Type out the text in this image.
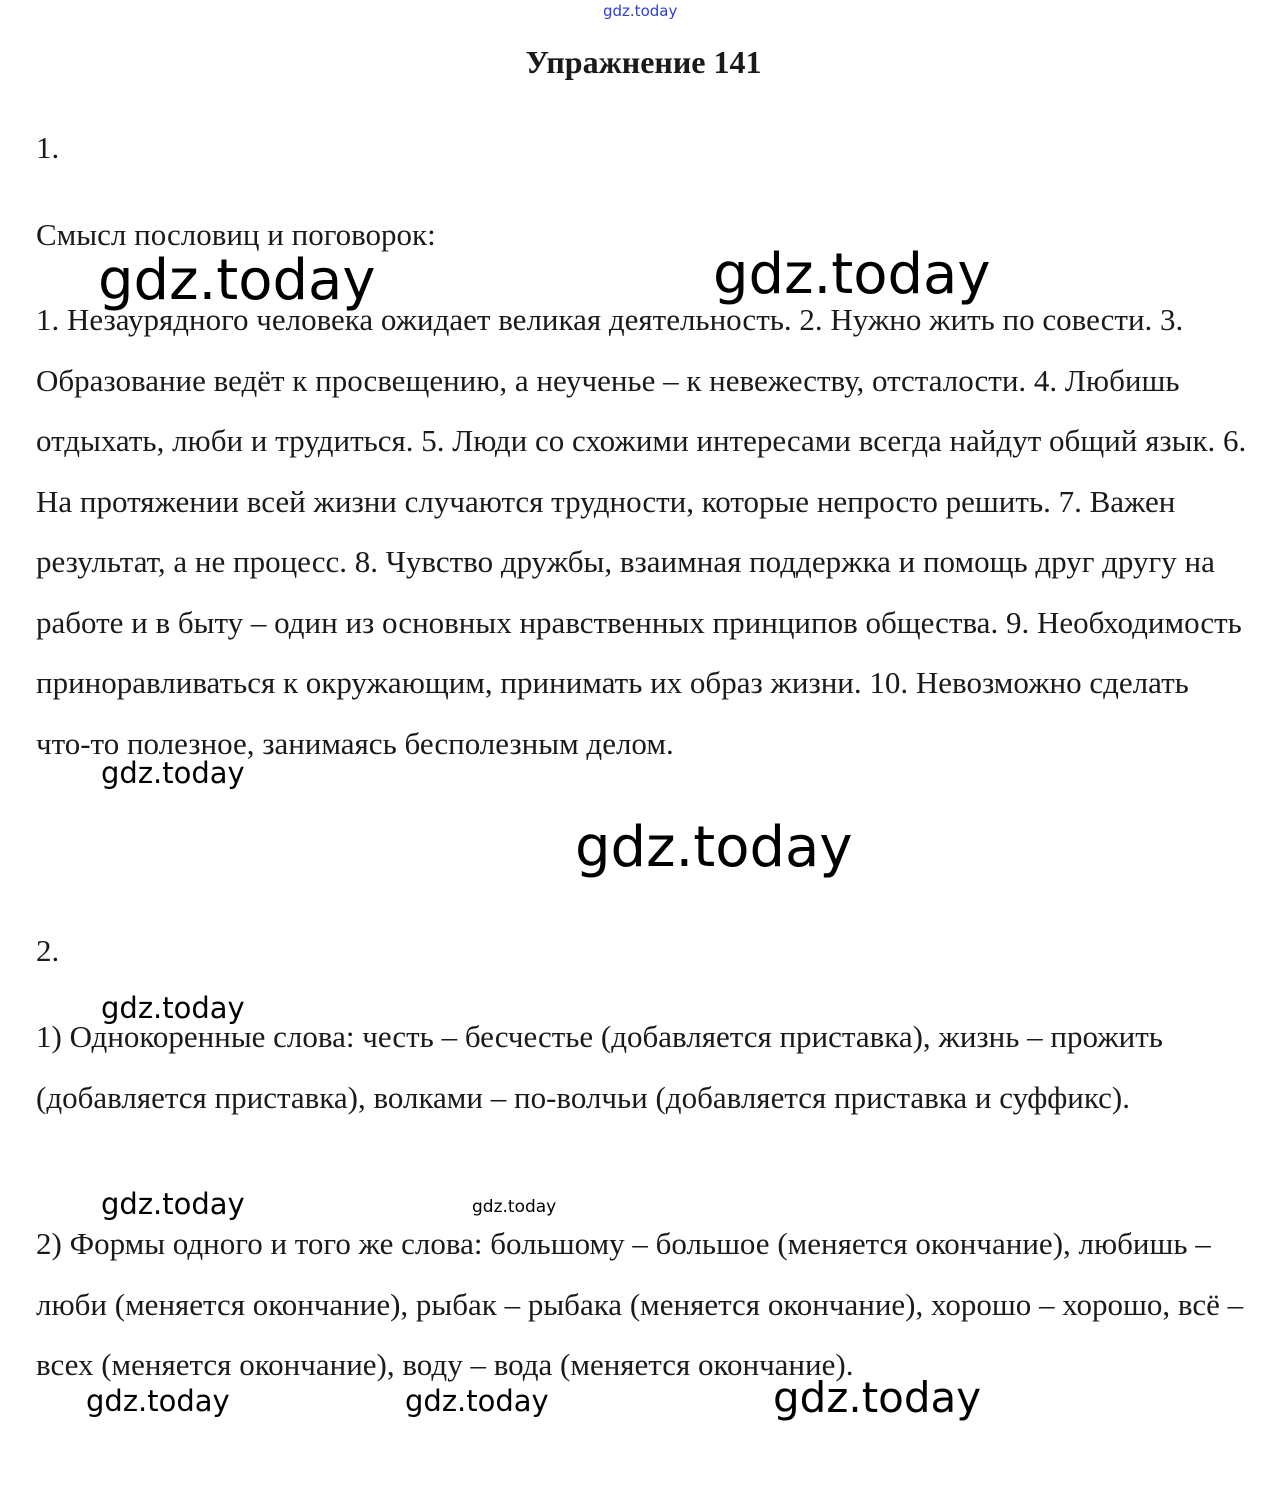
gdz.today
Упражнение 141
1.
Смысл пословиц и поговорок:
1. Незаурядного человека ожидает великая деятельность. 2. Нужно жить по совести. 3. Образование ведёт к просвещению, а неученье – к невежеству, отсталости. 4. Любишь отдыхать, люби и трудиться. 5. Люди со схожими интересами всегда найдут общий язык. 6. На протяжении всей жизни случаются трудности, которые непросто решить. 7. Важен результат, а не процесс. 8. Чувство дружбы, взаимная поддержка и помощь друг другу на работе и в быту – один из основных нравственных принципов общества. 9. Необходимость приноравливаться к окружающим, принимать их образ жизни. 10. Невозможно сделать что-то полезное, занимаясь бесполезным делом.
2.
1) Однокоренные слова: честь – бесчестье (добавляется приставка), жизнь – прожить (добавляется приставка), волками – по-волчьи (добавляется приставка и суффикс).
2) Формы одного и того же слова: большому – большое (меняется окончание), любишь – люби (меняется окончание), рыбак – рыбака (меняется окончание), хорошо – хорошо, всё – всех (меняется окончание), воду – вода (меняется окончание).
gdz.today	gdz.today
gdz.today
gdz.today
gdz.today
gdz.today	gdz.today
gdz.today	gdz.today	gdz.today
